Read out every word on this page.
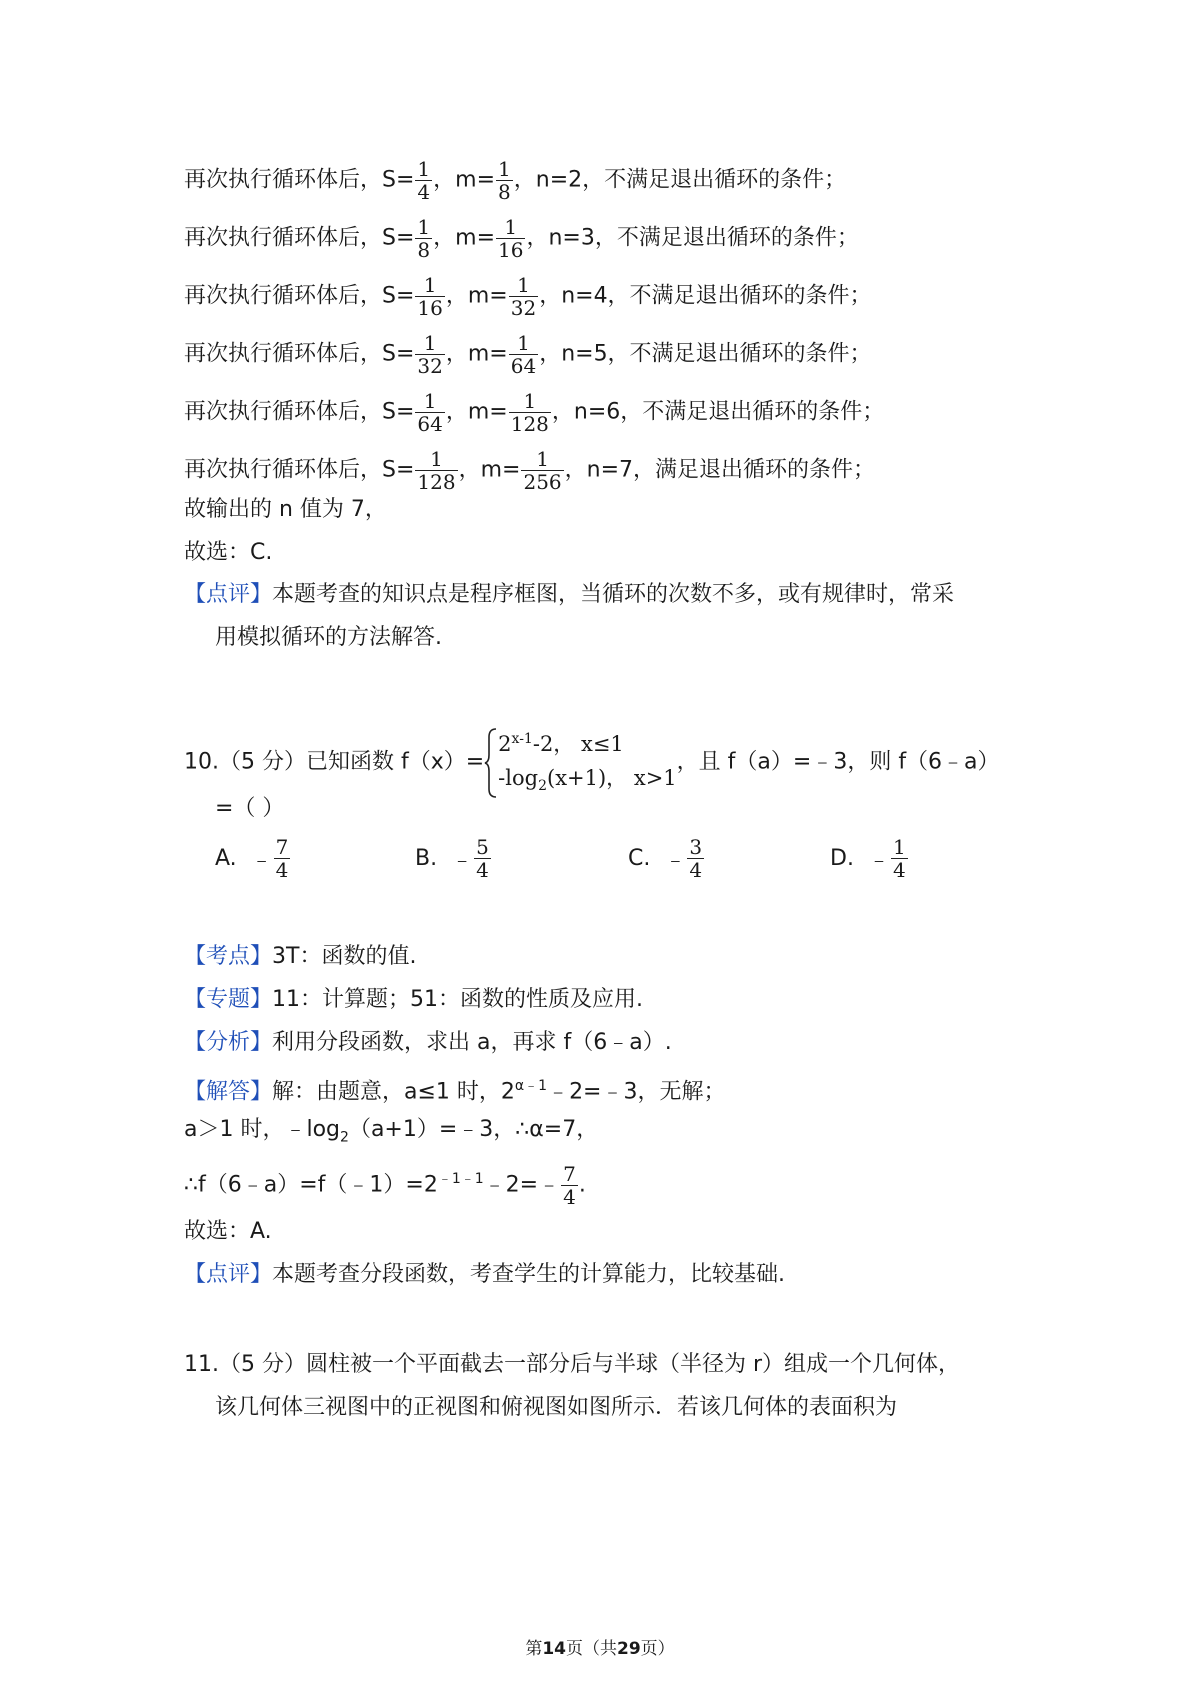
再次执行循环体后，$S= \frac{1}{4}$ ，$m= \frac{1}{8}$ ，n=2，不满足退出循环的条件；
再次执行循环体后，$S= \frac{1}{8}$ ，$m= \frac{1}{16}$ ，n=3，不满足退出循环的条件；
再次执行循环体后，$S= \frac{1}{16}$ ，$m= \frac{1}{32}$ ，n=4，不满足退出循环的条件；
再次执行循环体后，$S= \frac{1}{32}$ ，$m= \frac{1}{64}$ ，n=5，不满足退出循环的条件；
再次执行循环体后，$S= \frac{1}{64}$ ，$m= \frac{1}{128}$ ，n=6，不满足退出循环的条件；
再次执行循环体后，$S= \frac{1}{128}$ ，$m= \frac{1}{256}$ ，n=7，满足退出循环的条件；
故输出的 n 值为 7，
故选：C.
【点评】本题考查的知识点是程序框图，当循环的次数不多，或有规律时，常采
用模拟循环的方法解答.
10.（5 分）已知函数 f（x）=
$2^{x-1}-2$， x≤1
$-\log_2(x+1)$， x>1
，且 f（a）=﹣3，则 f（6﹣a）
=（ ）
A. ﹣ $\frac{7}{4}$	B. ﹣ $\frac{5}{4}$	C. ﹣ $\frac{3}{4}$	D. ﹣ $\frac{1}{4}$
【考点】3T：函数的值.
【专题】11：计算题；51：函数的性质及应用.
【分析】利用分段函数，求出 a，再求 f（6﹣a）.
【解答】解：由题意，a≤1 时，$2^{\alpha﹣1}﹣2=﹣3$，无解；
a＞1 时，$﹣\log_2(a+1)=﹣3$，∴α=7，
$\therefore f(6﹣a)=f(﹣1)=2^{﹣1﹣1}﹣2=﹣ \frac{7}{4}$ .
故选：A.
【点评】本题考查分段函数，考查学生的计算能力，比较基础.
11.（5 分）圆柱被一个平面截去一部分后与半球（半径为 r）组成一个几何体，
该几何体三视图中的正视图和俯视图如图所示．若该几何体的表面积为
第14页（共29页）
